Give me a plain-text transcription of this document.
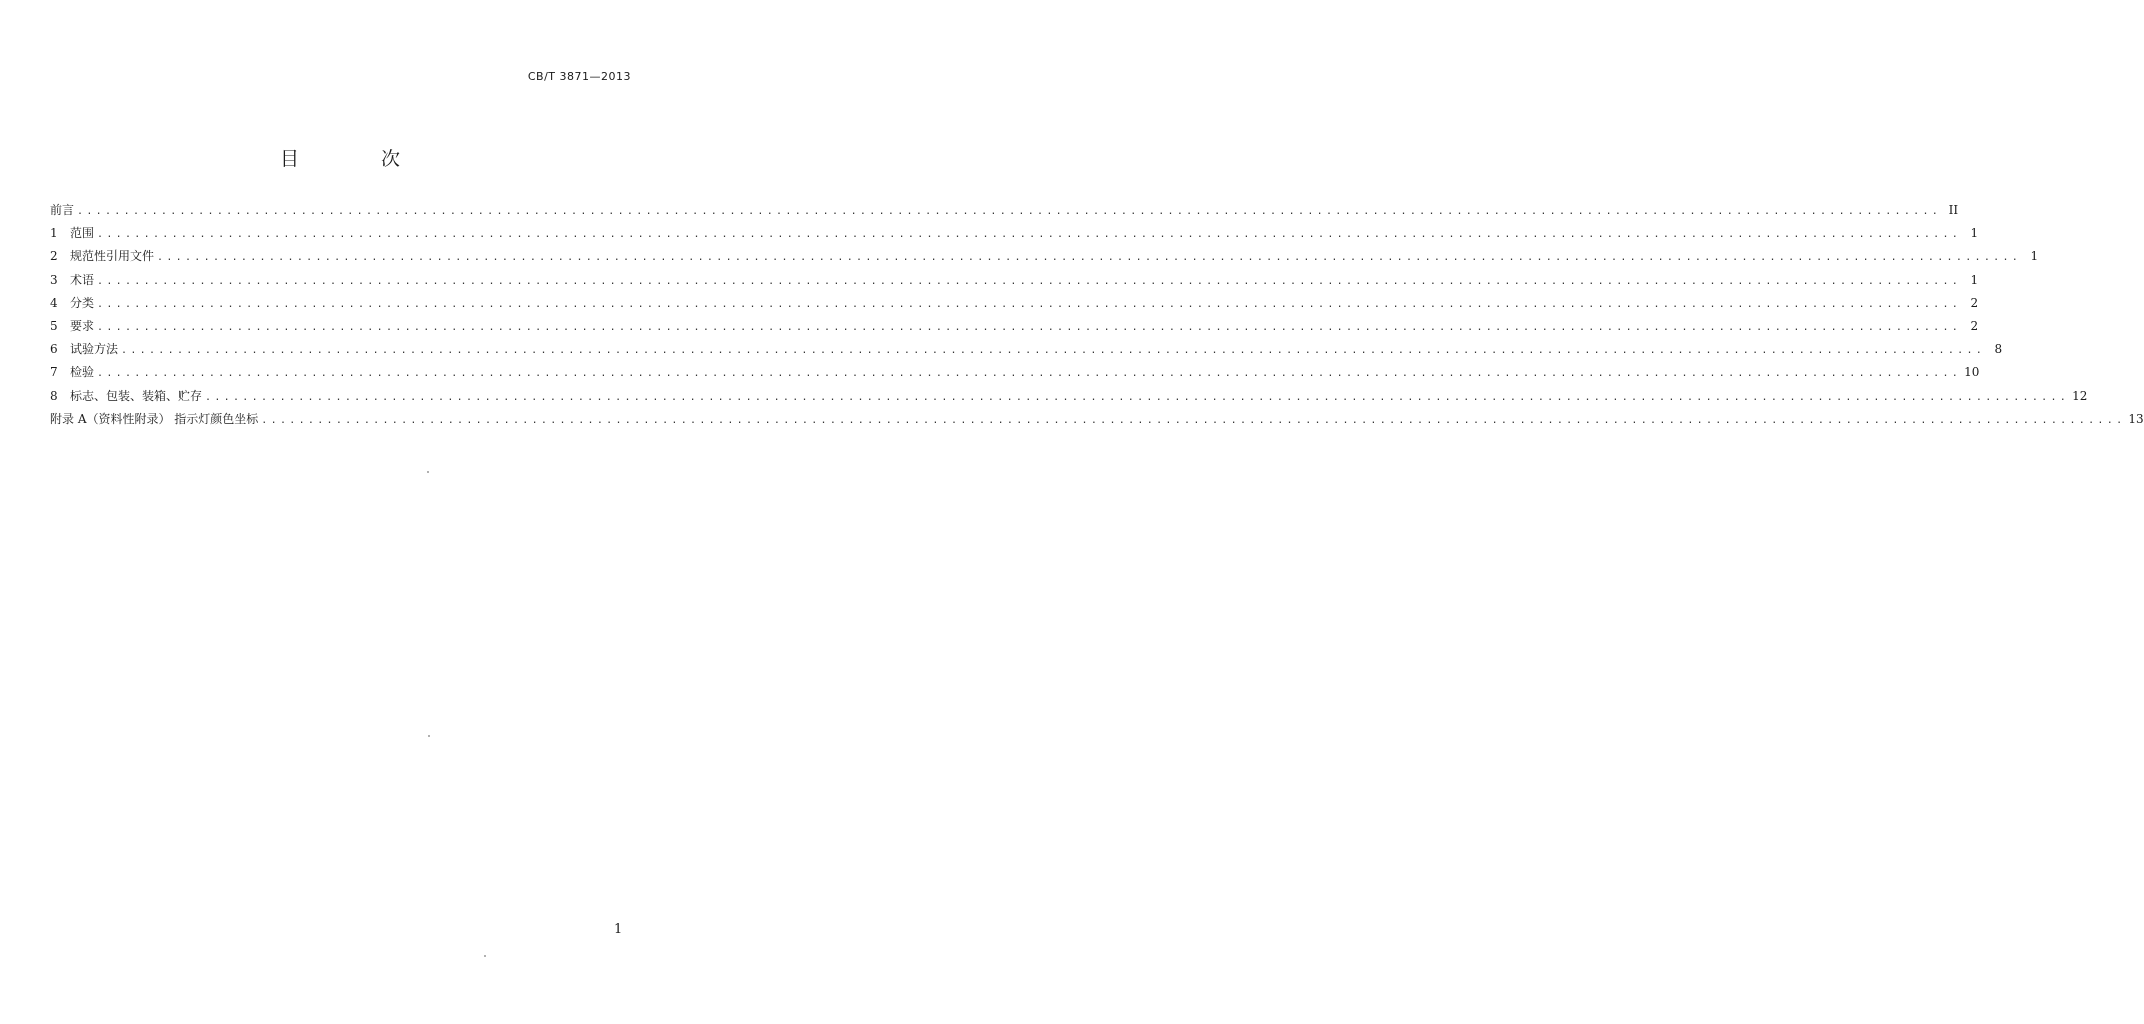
CB/T 3871—2013
目 次
前言 ........................................................................................................................................................................................................ II
1 范围 ........................................................................................................................................................................................................ 1
2 规范性引用文件 ........................................................................................................................................................................................................ 1
3 术语 ........................................................................................................................................................................................................ 1
4 分类 ........................................................................................................................................................................................................ 2
5 要求 ........................................................................................................................................................................................................ 2
6 试验方法 ........................................................................................................................................................................................................ 8
7 检验 ........................................................................................................................................................................................................ 10
8 标志、包装、装箱、贮存 ........................................................................................................................................................................................................ 12
附录 A（资料性附录） 指示灯颜色坐标 ........................................................................................................................................................................................................ 13
1
